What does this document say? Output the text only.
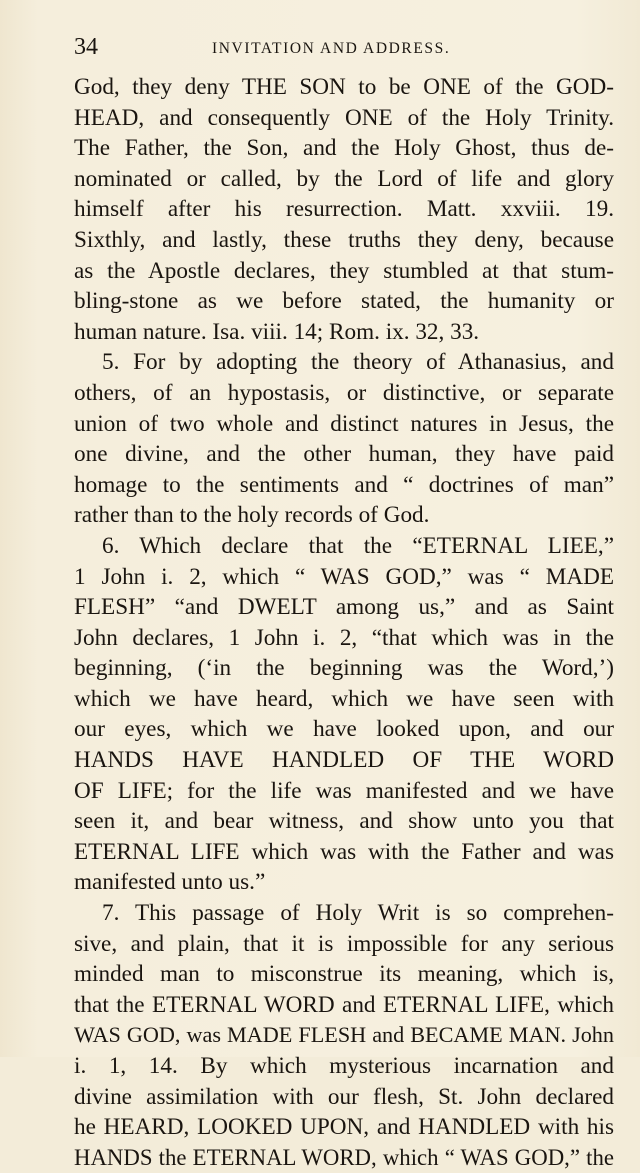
34	INVITATION AND ADDRESS.
God, they deny THE SON to be ONE of the GOD-
HEAD, and consequently ONE of the Holy Trinity.
The Father, the Son, and the Holy Ghost, thus de-
nominated or called, by the Lord of life and glory
himself after his resurrection. Matt. xxviii. 19.
Sixthly, and lastly, these truths they deny, because
as the Apostle declares, they stumbled at that stum-
bling-stone as we before stated, the humanity or
human nature. Isa. viii. 14; Rom. ix. 32, 33.
5. For by adopting the theory of Athanasius, and
others, of an hypostasis, or distinctive, or separate
union of two whole and distinct natures in Jesus, the
one divine, and the other human, they have paid
homage to the sentiments and “ doctrines of man”
rather than to the holy records of God.
6. Which declare that the “ETERNAL LIEE,”
1 John i. 2, which “ WAS GOD,” was “ MADE
FLESH” “and DWELT among us,” and as Saint
John declares, 1 John i. 2, “that which was in the
beginning, (‘in the beginning was the Word,’)
which we have heard, which we have seen with
our eyes, which we have looked upon, and our
HANDS HAVE HANDLED OF THE WORD
OF LIFE; for the life was manifested and we have
seen it, and bear witness, and show unto you that
ETERNAL LIFE which was with the Father and was
manifested unto us.”
7. This passage of Holy Writ is so comprehen-
sive, and plain, that it is impossible for any serious
minded man to misconstrue its meaning, which is,
that the ETERNAL WORD and ETERNAL LIFE, which
WAS GOD, was MADE FLESH and BECAME MAN. John
i. 1, 14. By which mysterious incarnation and
divine assimilation with our flesh, St. John declared
he HEARD, LOOKED UPON, and HANDLED with his
HANDS the ETERNAL WORD, which “ WAS GOD,” the
